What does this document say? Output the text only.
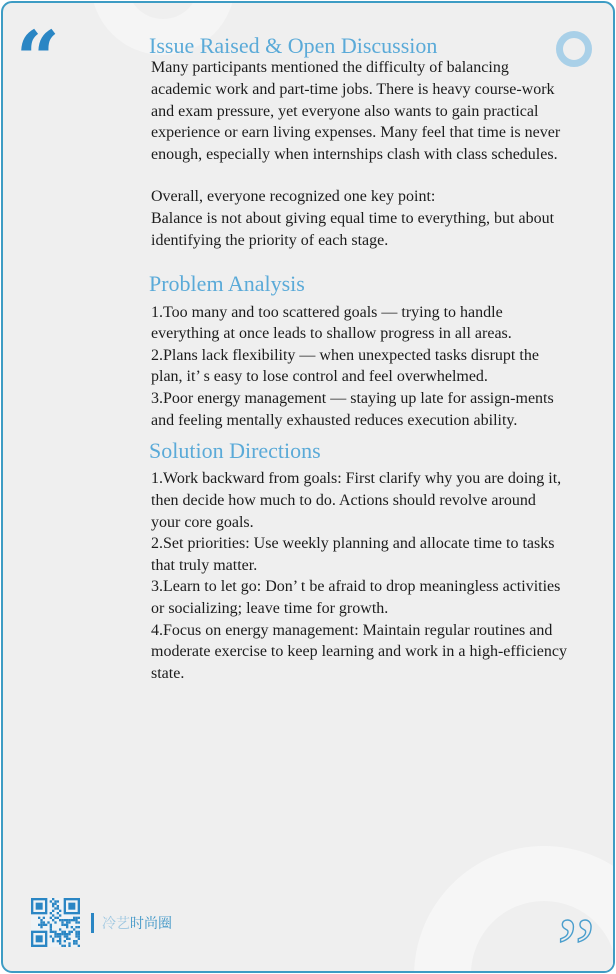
“
”
Issue Raised & Open Discussion

Many participants mentioned the difficulty of balancing academic work and part-time jobs. There is heavy course-work and exam pressure, yet everyone also wants to gain practical experience or earn living expenses. Many feel that time is never enough, especially when internships clash with class schedules.

Overall, everyone recognized one key point:

Balance is not about giving equal time to everything, but about identifying the priority of each stage.

Problem Analysis
1.Too many and too scattered goals — trying to handle everything at once leads to shallow progress in all areas.
2.Plans lack flexibility — when unexpected tasks disrupt the plan, it’ s easy to lose control and feel overwhelmed.
3.Poor energy management — staying up late for assign-ments and feeling mentally exhausted reduces execution ability.
Solution Directions
1.Work backward from goals: First clarify why you are doing it, then decide how much to do. Actions should revolve around your core goals.
2.Set priorities: Use weekly planning and allocate time to tasks that truly matter.
3.Learn to let go: Don’ t be afraid to drop meaningless activities or socializing; leave time for growth.
4.Focus on energy management: Maintain regular routines and moderate exercise to keep learning and work in a high-efficiency state.
冷艺时尚圈
